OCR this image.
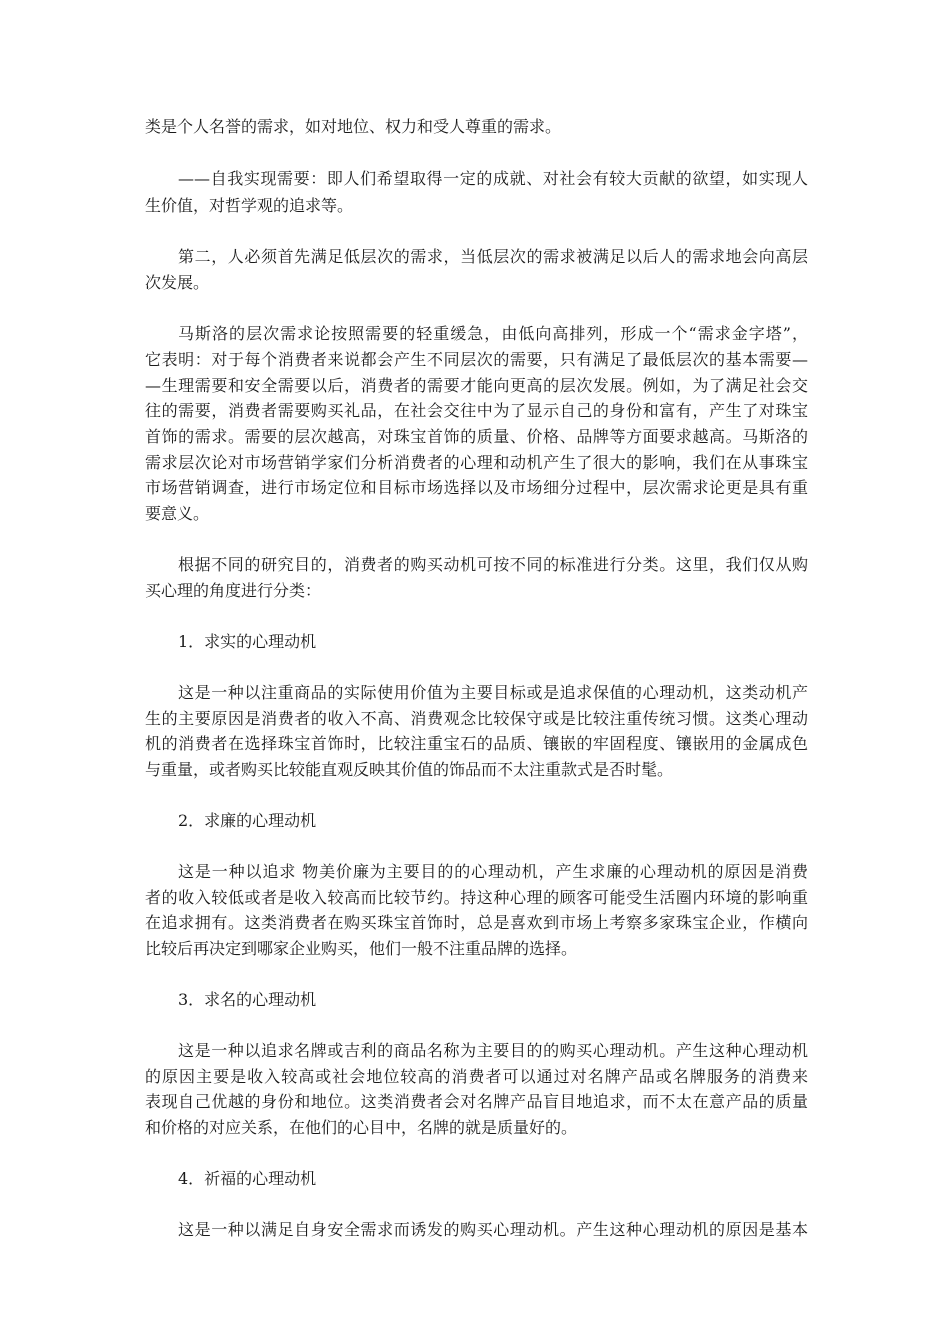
类是个人名誉的需求，如对地位、权力和受人尊重的需求。
——自我实现需要：即人们希望取得一定的成就、对社会有较大贡献的欲望，如实现人
生价值，对哲学观的追求等。
第二，人必须首先满足低层次的需求，当低层次的需求被满足以后人的需求地会向高层
次发展。
马斯洛的层次需求论按照需要的轻重缓急，由低向高排列，形成一个“需求金字塔”，
它表明：对于每个消费者来说都会产生不同层次的需要，只有满足了最低层次的基本需要—
—生理需要和安全需要以后，消费者的需要才能向更高的层次发展。例如，为了满足社会交
往的需要，消费者需要购买礼品，在社会交往中为了显示自己的身份和富有，产生了对珠宝
首饰的需求。需要的层次越高，对珠宝首饰的质量、价格、品牌等方面要求越高。马斯洛的
需求层次论对市场营销学家们分析消费者的心理和动机产生了很大的影响，我们在从事珠宝
市场营销调查，进行市场定位和目标市场选择以及市场细分过程中，层次需求论更是具有重
要意义。
根据不同的研究目的，消费者的购买动机可按不同的标准进行分类。这里，我们仅从购
买心理的角度进行分类：
1．求实的心理动机
这是一种以注重商品的实际使用价值为主要目标或是追求保值的心理动机，这类动机产
生的主要原因是消费者的收入不高、消费观念比较保守或是比较注重传统习惯。这类心理动
机的消费者在选择珠宝首饰时，比较注重宝石的品质、镶嵌的牢固程度、镶嵌用的金属成色
与重量，或者购买比较能直观反映其价值的饰品而不太注重款式是否时髦。
2．求廉的心理动机
这是一种以追求 物美价廉为主要目的的心理动机，产生求廉的心理动机的原因是消费
者的收入较低或者是收入较高而比较节约。持这种心理的顾客可能受生活圈内环境的影响重
在追求拥有。这类消费者在购买珠宝首饰时，总是喜欢到市场上考察多家珠宝企业，作横向
比较后再决定到哪家企业购买，他们一般不注重品牌的选择。
3．求名的心理动机
这是一种以追求名牌或吉利的商品名称为主要目的的购买心理动机。产生这种心理动机
的原因主要是收入较高或社会地位较高的消费者可以通过对名牌产品或名牌服务的消费来
表现自己优越的身份和地位。这类消费者会对名牌产品盲目地追求，而不太在意产品的质量
和价格的对应关系，在他们的心目中，名牌的就是质量好的。
4．祈福的心理动机
这是一种以满足自身安全需求而诱发的购买心理动机。产生这种心理动机的原因是基本
